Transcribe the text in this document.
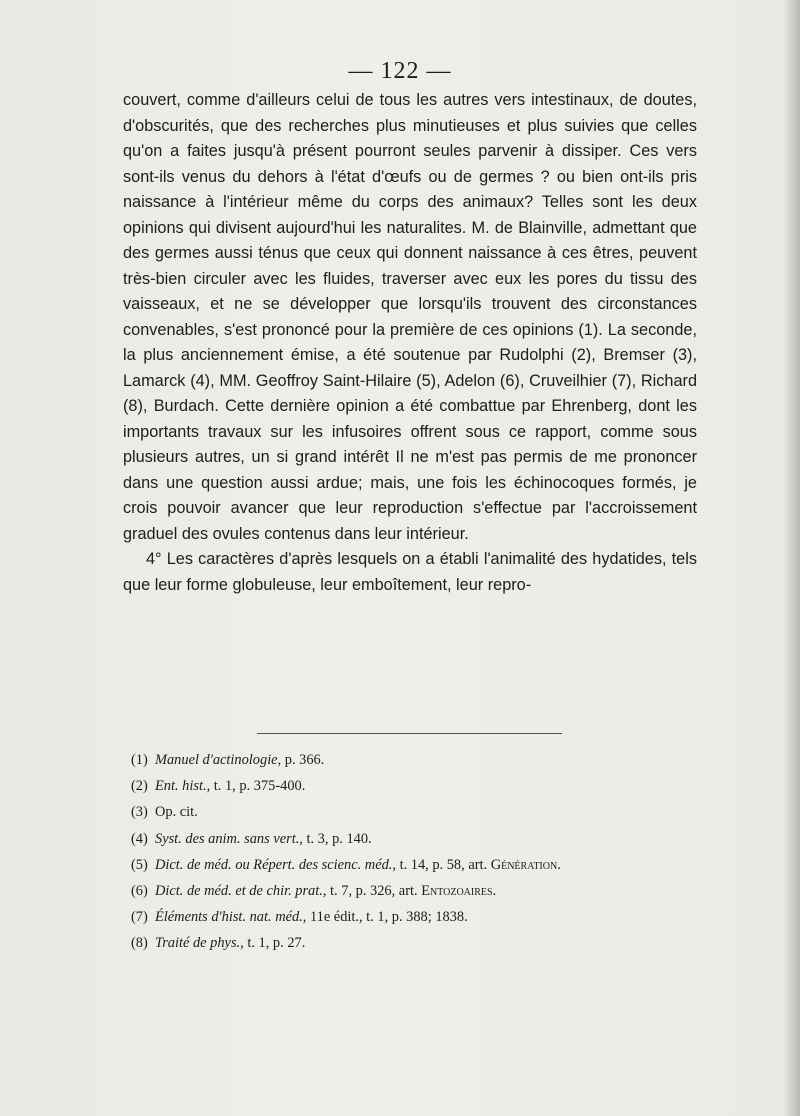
— 122 —

couvert, comme d'ailleurs celui de tous les autres vers intestinaux, de doutes, d'obscurités, que des recherches plus minutieuses et plus suivies que celles qu'on a faites jusqu'à présent pourront seules parvenir à dissiper. Ces vers sont-ils venus du dehors à l'état d'œufs ou de germes ? ou bien ont-ils pris naissance à l'intérieur même du corps des animaux? Telles sont les deux opinions qui divisent aujourd'hui les naturalites. M. de Blainville, admettant que des germes aussi ténus que ceux qui donnent naissance à ces êtres, peuvent très-bien circuler avec les fluides, traverser avec eux les pores du tissu des vaisseaux, et ne se développer que lorsqu'ils trouvent des circonstances convenables, s'est prononcé pour la première de ces opinions (1). La seconde, la plus anciennement émise, a été soutenue par Rudolphi (2), Bremser (3), Lamarck (4), MM. Geoffroy Saint-Hilaire (5), Adelon (6), Cruveilhier (7), Richard (8), Burdach. Cette dernière opinion a été combattue par Ehrenberg, dont les importants travaux sur les infusoires offrent sous ce rapport, comme sous plusieurs autres, un si grand intérêt Il ne m'est pas permis de me prononcer dans une question aussi ardue; mais, une fois les échinocoques formés, je crois pouvoir avancer que leur reproduction s'effectue par l'accroissement graduel des ovules contenus dans leur intérieur.

4° Les caractères d'après lesquels on a établi l'animalité des hydatides, tels que leur forme globuleuse, leur emboîtement, leur repro-

(1) Manuel d'actinologie, p. 366.
(2) Ent. hist., t. 1, p. 375-400.
(3) Op. cit.
(4) Syst. des anim. sans vert., t. 3, p. 140.
(5) Dict. de méd. ou Répert. des scienc. méd., t. 14, p. 58, art. Génération.
(6) Dict. de méd. et de chir. prat., t. 7, p. 326, art. Entozoaires.
(7) Éléments d'hist. nat. méd., 11e édit., t. 1, p. 388; 1838.
(8) Traité de phys., t. 1, p. 27.
